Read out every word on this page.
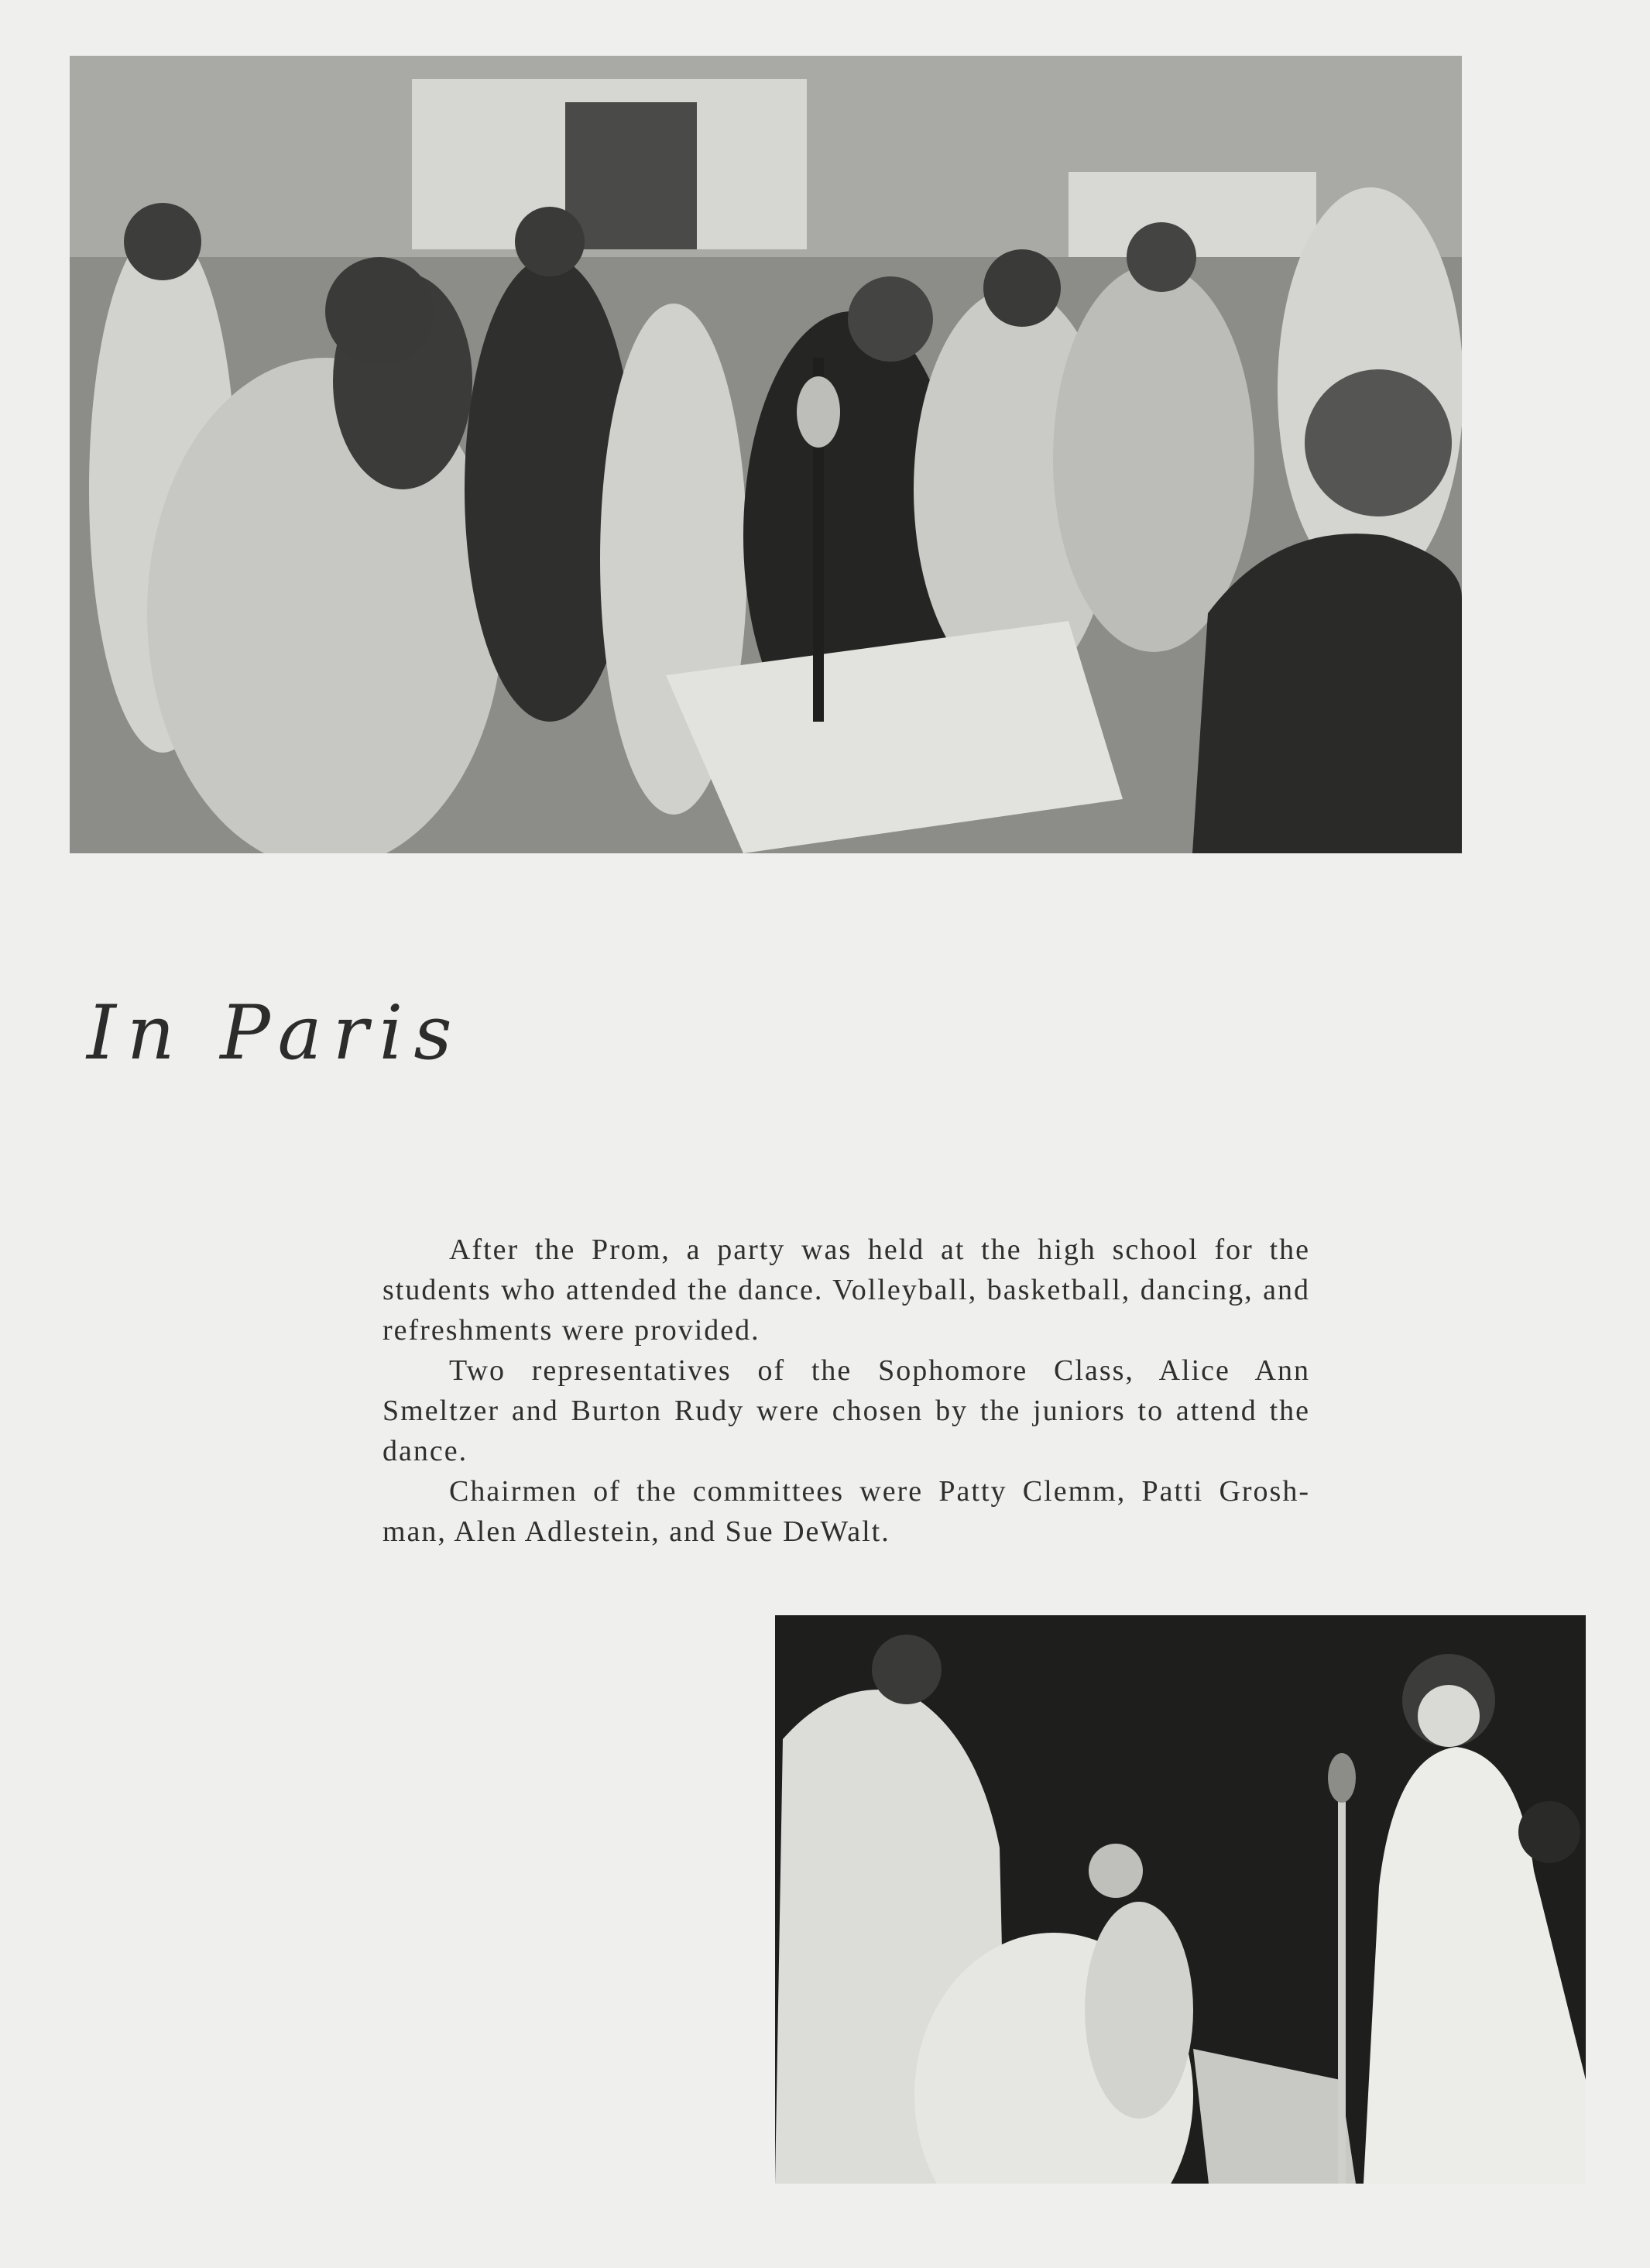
In Paris

After the Prom, a party was held at the high school for the students who attended the dance. Volleyball, basketball, dancing, and refreshments were provided.

Two representatives of the Sophomore Class, Alice Ann Smeltzer and Burton Rudy were chosen by the juniors to attend the dance.

Chairmen of the committees were Patty Clemm, Patti Grosh- man, Alen Adlestein, and Sue DeWalt.
